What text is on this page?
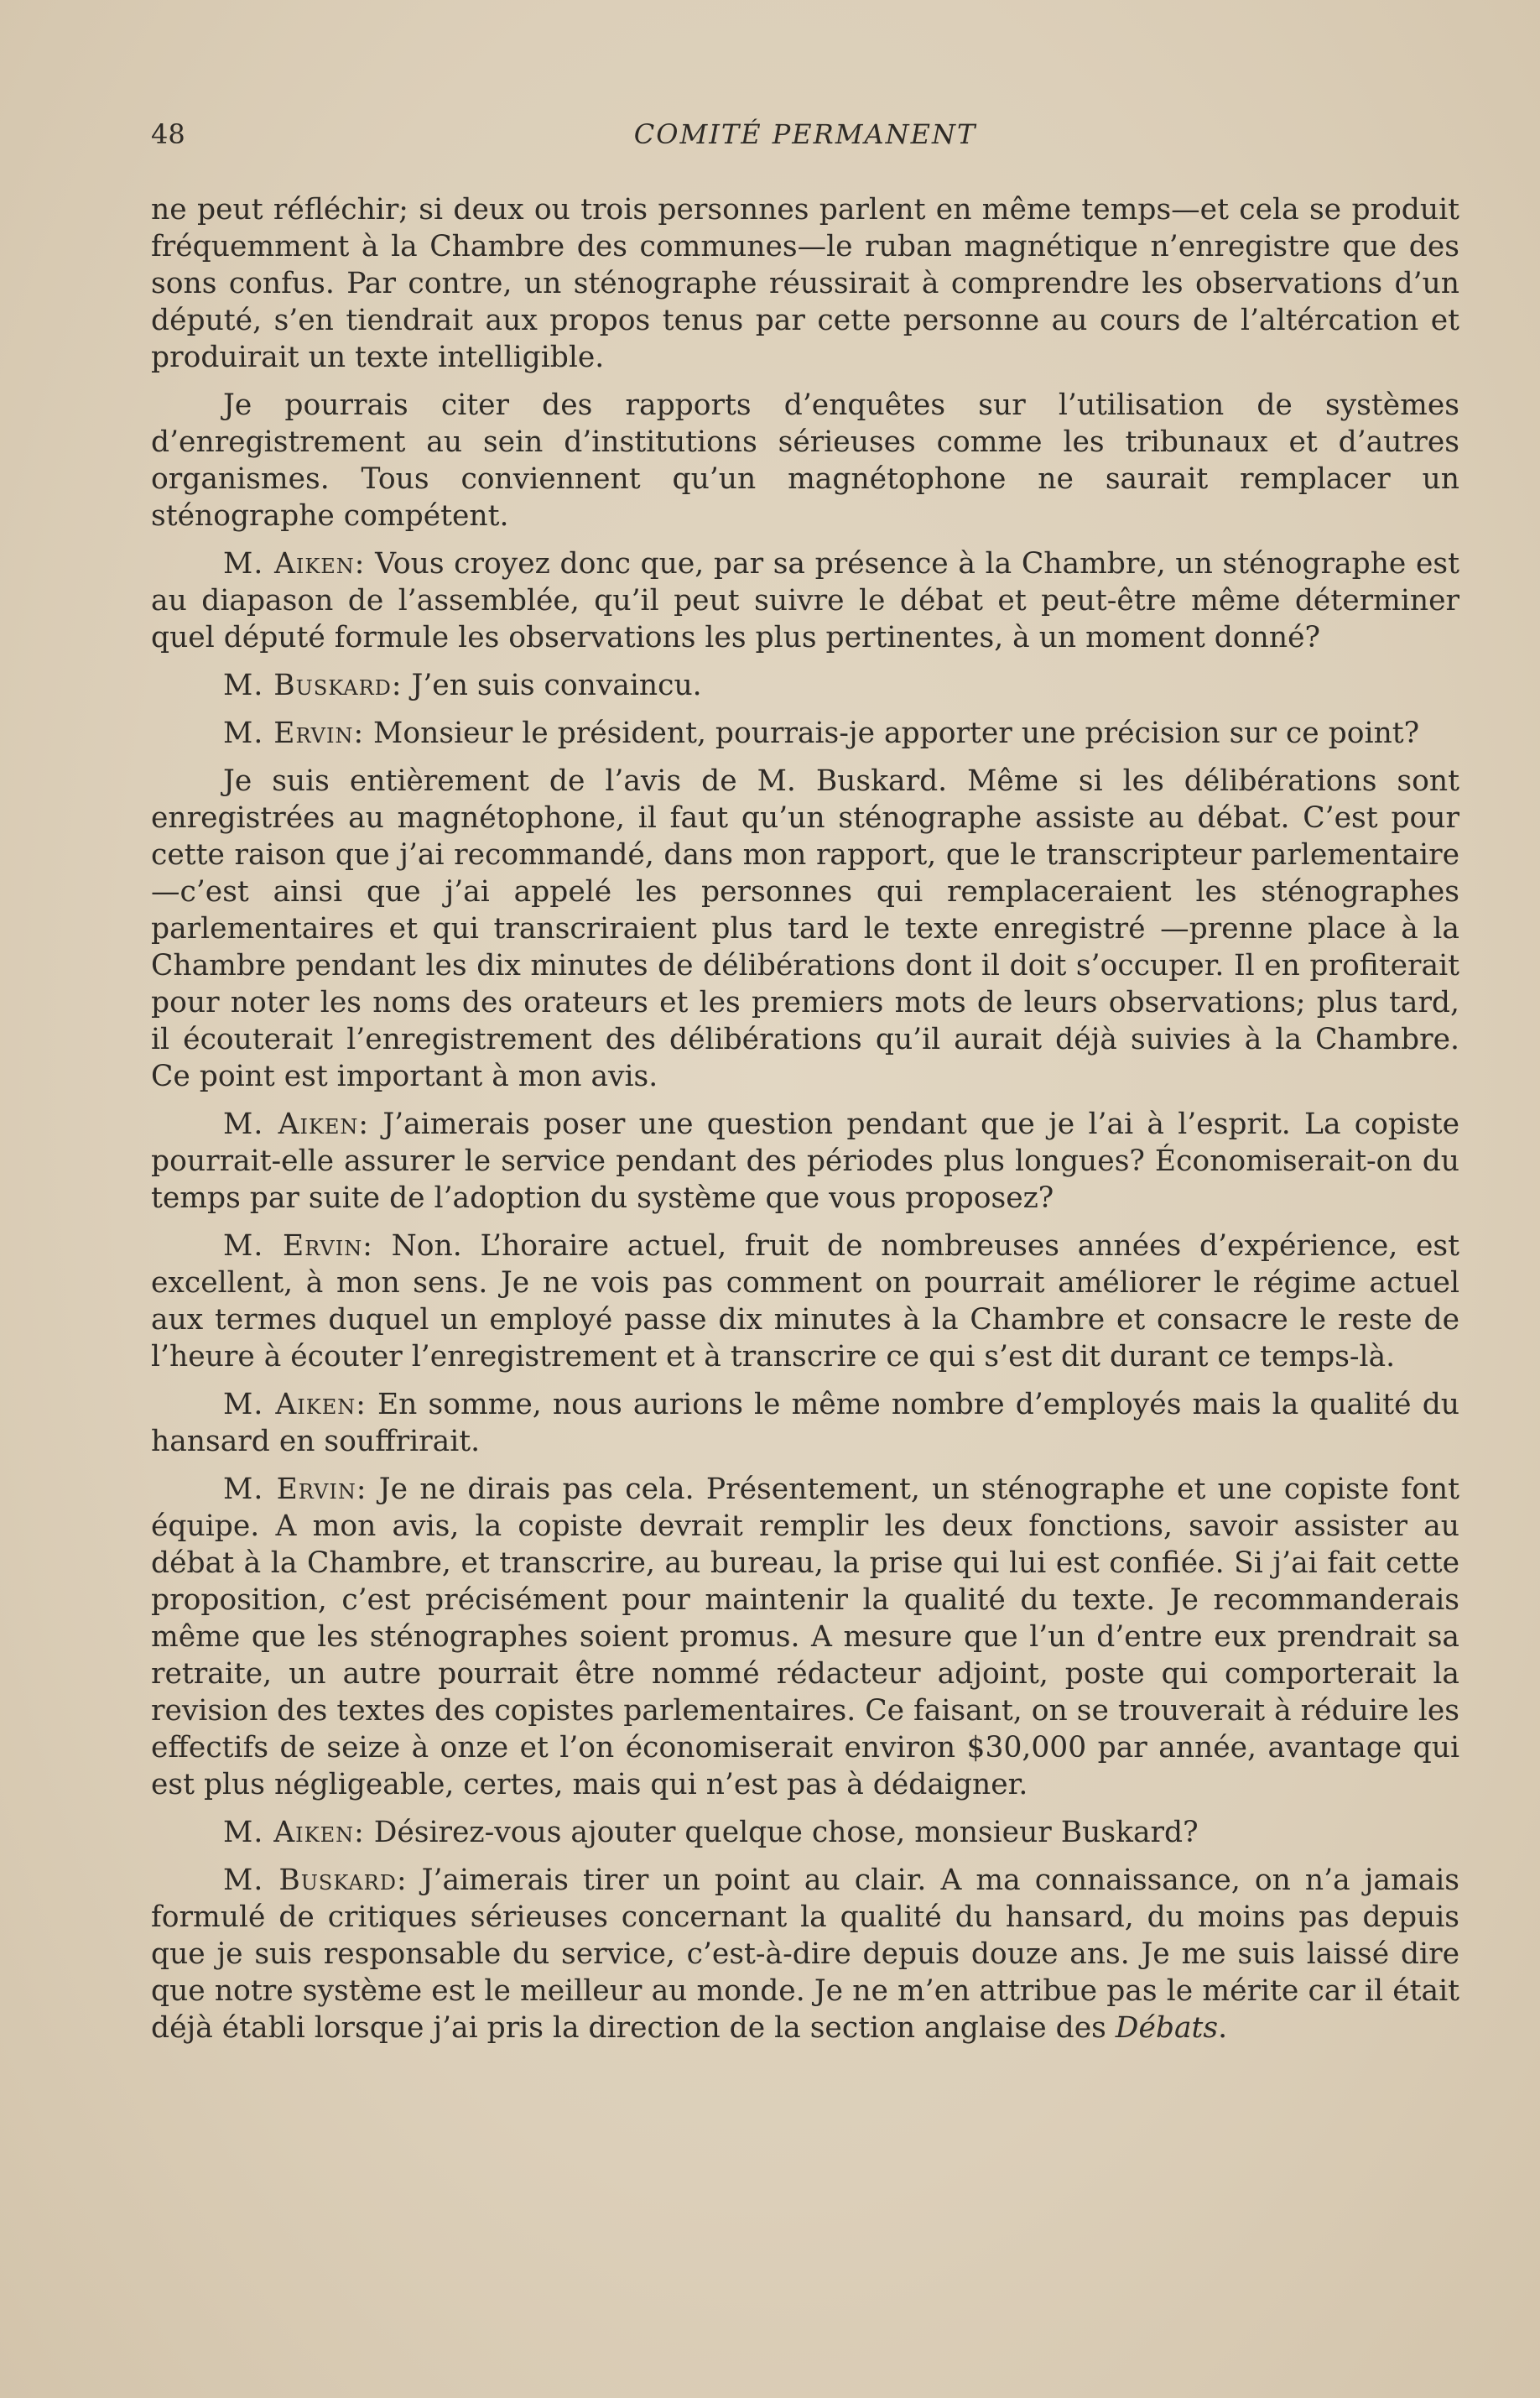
48	COMITÉ PERMANENT

ne peut réfléchir; si deux ou trois personnes parlent en même temps—et cela se produit fréquemment à la Chambre des communes—le ruban magnétique n’enregistre que des sons confus. Par contre, un sténographe réussirait à comprendre les observations d’un député, s’en tiendrait aux propos tenus par cette personne au cours de l’altércation et produirait un texte intelligible.

Je pourrais citer des rapports d’enquêtes sur l’utilisation de systèmes d’enregistrement au sein d’institutions sérieuses comme les tribunaux et d’autres organismes. Tous conviennent qu’un magnétophone ne saurait remplacer un sténographe compétent.

M. Aiken: Vous croyez donc que, par sa présence à la Chambre, un sténographe est au diapason de l’assemblée, qu’il peut suivre le débat et peut-être même déterminer quel député formule les observations les plus pertinentes, à un moment donné?

M. Buskard: J’en suis convaincu.

M. Ervin: Monsieur le président, pourrais-je apporter une précision sur ce point?

Je suis entièrement de l’avis de M. Buskard. Même si les délibérations sont enregistrées au magnétophone, il faut qu’un sténographe assiste au débat. C’est pour cette raison que j’ai recommandé, dans mon rapport, que le transcripteur parlementaire—c’est ainsi que j’ai appelé les personnes qui remplaceraient les sténographes parlementaires et qui transcriraient plus tard le texte enregistré —prenne place à la Chambre pendant les dix minutes de délibérations dont il doit s’occuper. Il en profiterait pour noter les noms des orateurs et les premiers mots de leurs observations; plus tard, il écouterait l’enregistrement des délibérations qu’il aurait déjà suivies à la Chambre. Ce point est important à mon avis.

M. Aiken: J’aimerais poser une question pendant que je l’ai à l’esprit. La copiste pourrait-elle assurer le service pendant des périodes plus longues? Économiserait-on du temps par suite de l’adoption du système que vous proposez?

M. Ervin: Non. L’horaire actuel, fruit de nombreuses années d’expérience, est excellent, à mon sens. Je ne vois pas comment on pourrait améliorer le régime actuel aux termes duquel un employé passe dix minutes à la Chambre et consacre le reste de l’heure à écouter l’enregistrement et à transcrire ce qui s’est dit durant ce temps-là.

M. Aiken: En somme, nous aurions le même nombre d’employés mais la qualité du hansard en souffrirait.

M. Ervin: Je ne dirais pas cela. Présentement, un sténographe et une copiste font équipe. A mon avis, la copiste devrait remplir les deux fonctions, savoir assister au débat à la Chambre, et transcrire, au bureau, la prise qui lui est confiée. Si j’ai fait cette proposition, c’est précisément pour maintenir la qualité du texte. Je recommanderais même que les sténographes soient promus. A mesure que l’un d’entre eux prendrait sa retraite, un autre pourrait être nommé rédacteur adjoint, poste qui comporterait la revision des textes des copistes parlementaires. Ce faisant, on se trouverait à réduire les effectifs de seize à onze et l’on économiserait environ $30,000 par année, avantage qui est plus négligeable, certes, mais qui n’est pas à dédaigner.

M. Aiken: Désirez-vous ajouter quelque chose, monsieur Buskard?

M. Buskard: J’aimerais tirer un point au clair. A ma connaissance, on n’a jamais formulé de critiques sérieuses concernant la qualité du hansard, du moins pas depuis que je suis responsable du service, c’est-à-dire depuis douze ans. Je me suis laissé dire que notre système est le meilleur au monde. Je ne m’en attribue pas le mérite car il était déjà établi lorsque j’ai pris la direction de la section anglaise des Débats.
